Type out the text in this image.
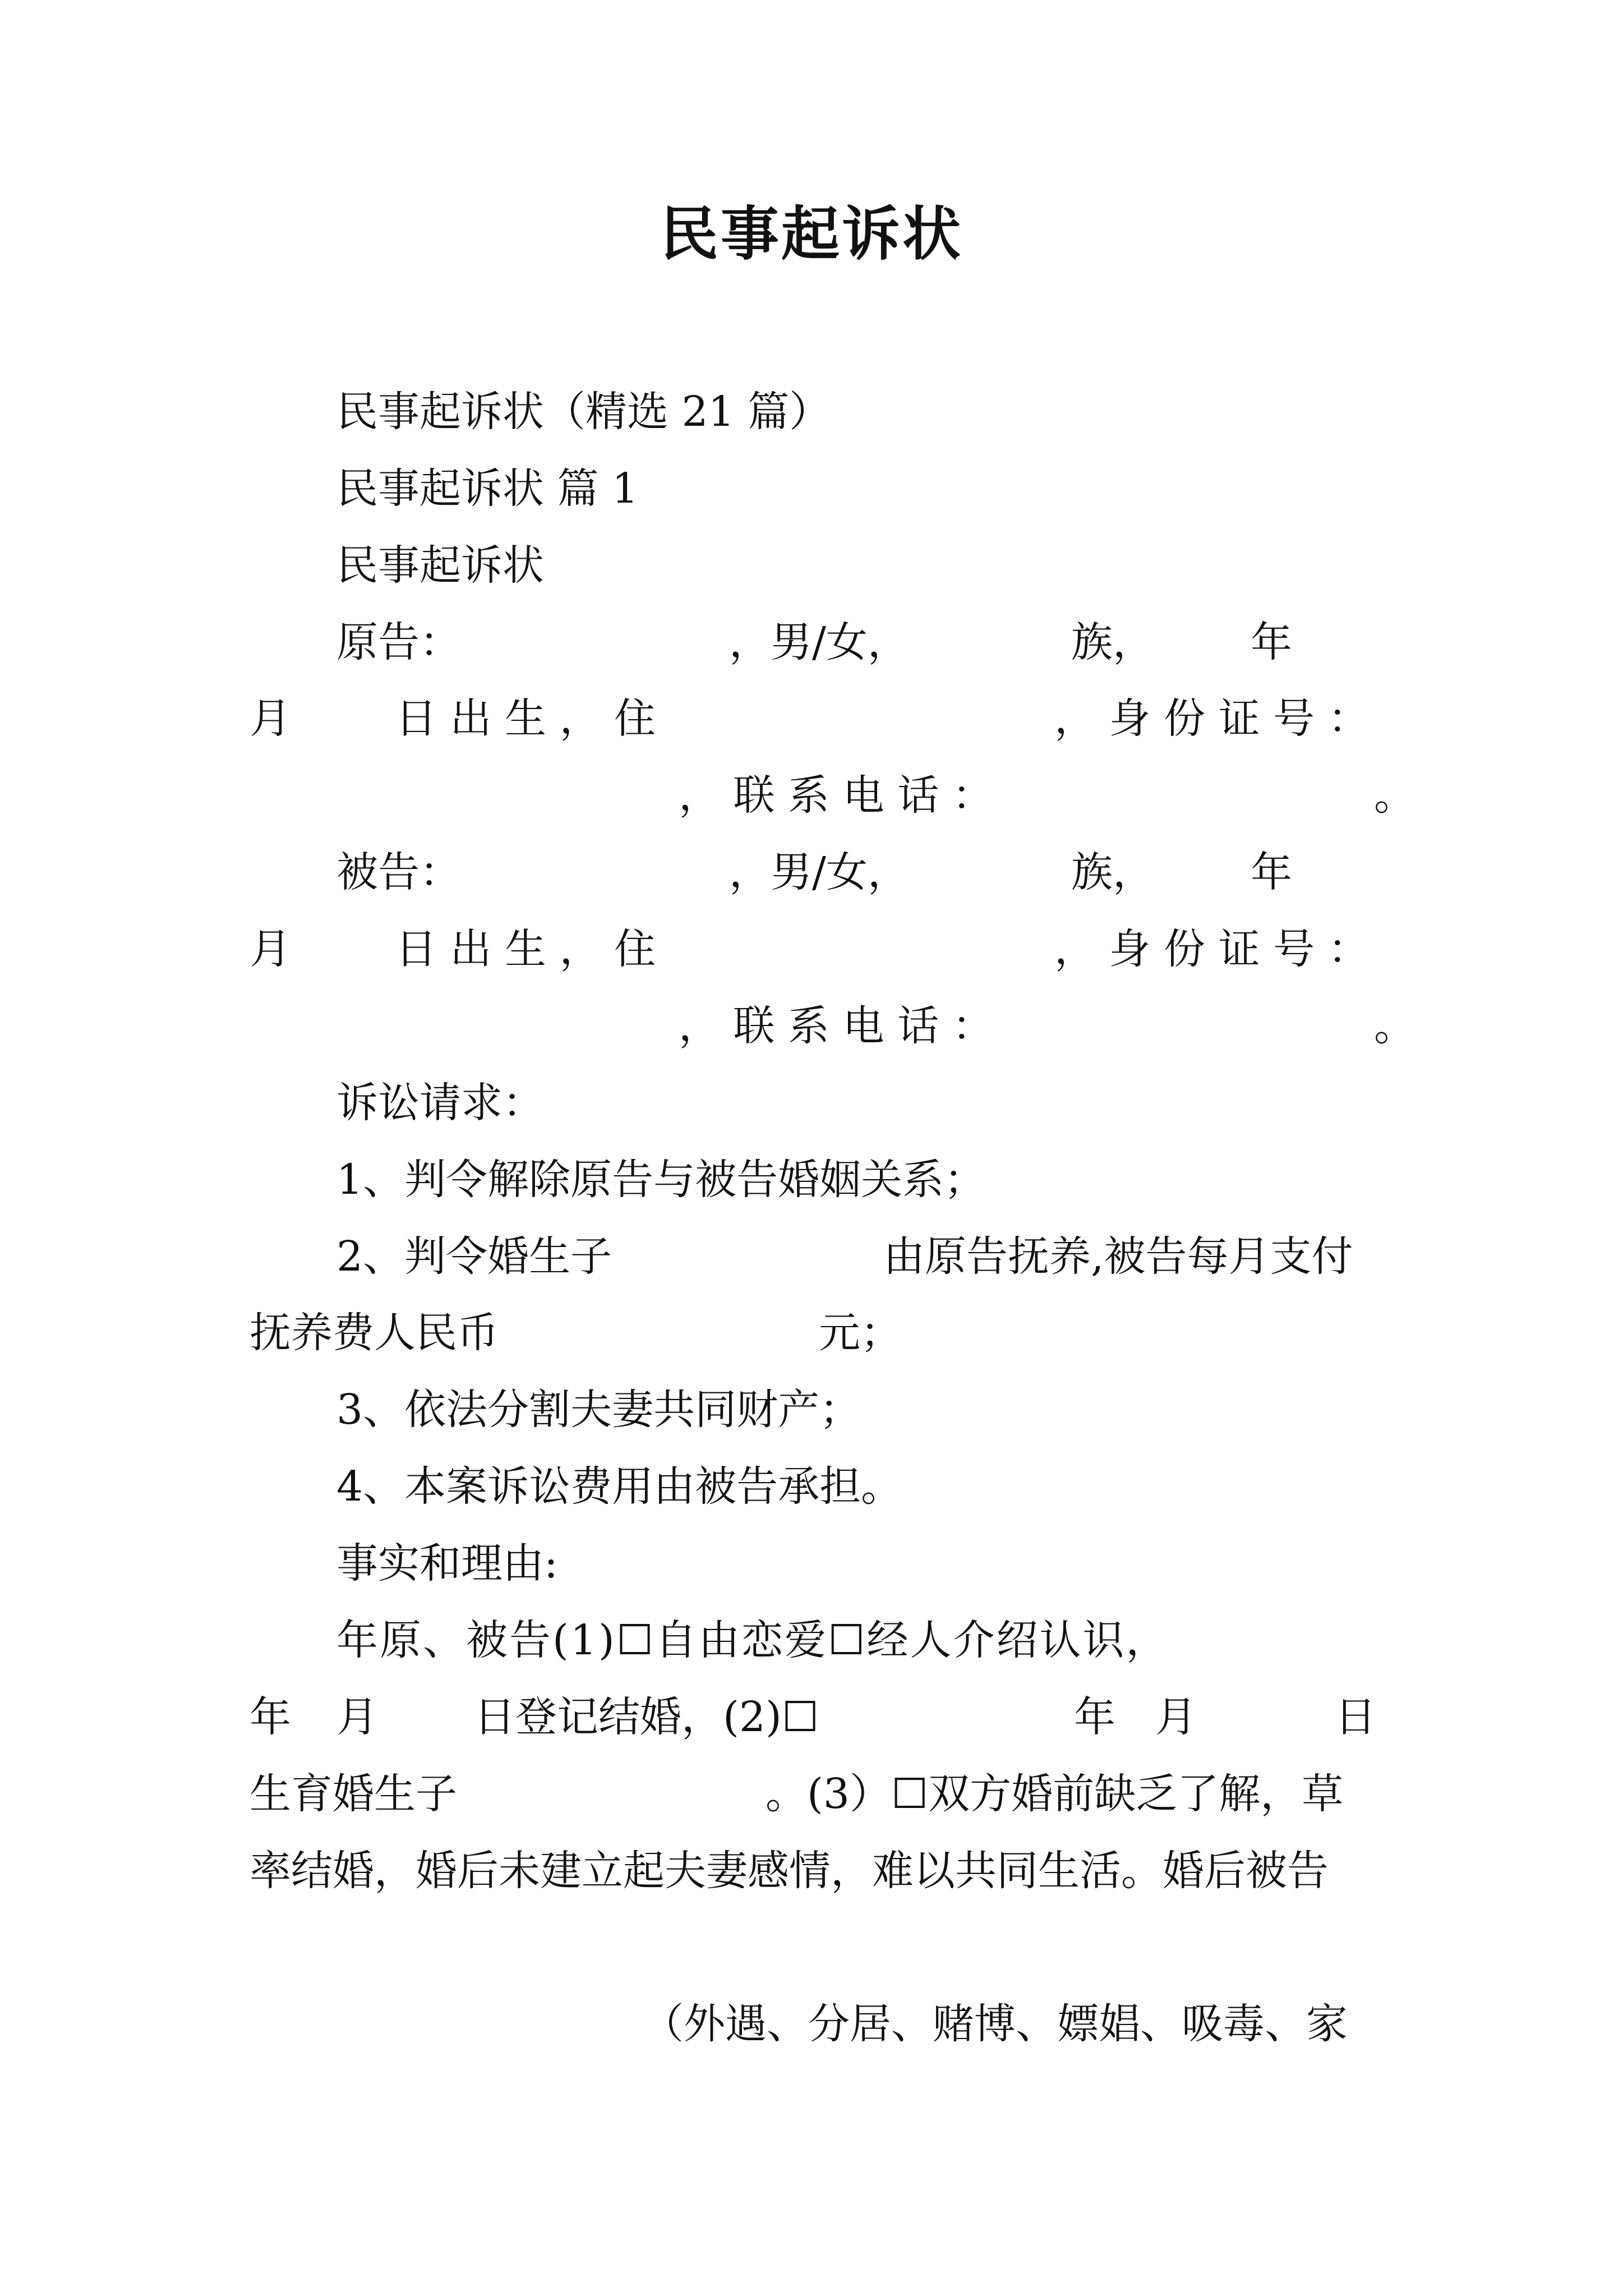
民事起诉状
民事起诉状（精选 21 篇）
民事起诉状 篇 1
民事起诉状
原告：	，男/女，	族， 年
月	日 出 生 ， 住	， 身 份 证 号 ：
， 联 系 电 话 ：	。
被告：	，男/女，	族， 年
月	日 出 生 ， 住	， 身 份 证 号 ：
， 联 系 电 话 ：	。
诉讼请求：
1、判令解除原告与被告婚姻关系；
2、判令婚生子	由原告抚养,被告每月支付
抚养费人民币	元；
3、依法分割夫妻共同财产；
4、本案诉讼费用由被告承担。
事实和理由:
年原、被告(1)☐自由恋爱☐经人介绍认识，
年 月 日登记结婚，(2)☐	年 月	日
生育婚生子	。(3）☐双方婚前缺乏了解，草
率结婚，婚后未建立起夫妻感情，难以共同生活。婚后被告
（外遇、分居、赌博、嫖娼、吸毒、家
